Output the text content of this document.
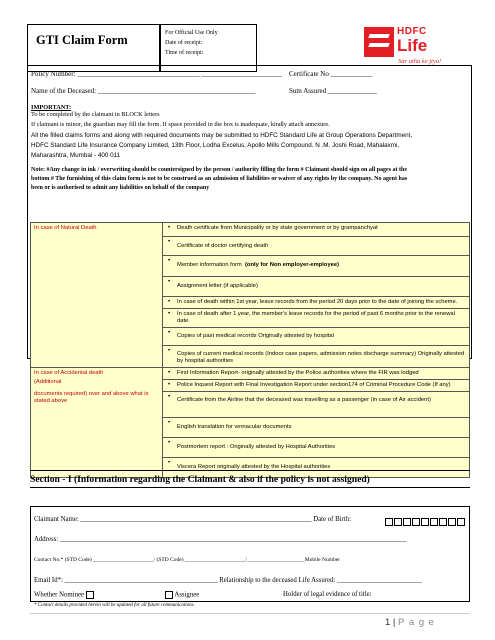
GTI Claim Form	For Official Use Only
Date of receipt:
Time of receipt:
HDFC
Life
Sar utha ke jiyo!
Policy Number: ___________________________________ _______________________ Certificate No ____________
Name of the Deceased: _____________________________________________	Sum Assured ______________
IMPORTANT:
To be completed by the claimant in BLOCK letters
If claimant is minor, the guardian may fill the form. If space provided in the box is inadequate, kindly attach annexure.
All the filled claims forms and along with required documents may be submitted to HDFC Standard Life at Group Operations Department,
HDFC Standard Life Insurance Company Limited, 13th Floor, Lodha Excelus, Apollo Mills Compound. N .M. Joshi Road, Mahalaxmi,
Maharashtra, Mumbai - 400 011
Note: #Any change in ink / overwriting should be countersigned by the person / authority filling the form # Claimant should sign on all pages at the
bottom # The furnishing of this claim form is not to be construed as an admission of liabilities or waiver of any rights by the company. No agent has
been or is authorised to admit any liabilities on behalf of the company
In case of Natural Death	• Death certificate from Municipality or by state government or by grampanchyat
	• Certificate of doctor certifying death
	• Member information form (only for Non employer-employee)
	• Assignment letter (if applicable)
	• In case of death within 1st year, leave records from the period 20 days prior to the date of joining the scheme.
	• In case of death after 1 year, the member's leave records for the period of past 6 months prior to the renewal date.
	• Copies of past medical records Originally attested by hospital
	• Copies of current medical records (Indoor case papers, admission notes discharge summary) Originally attested by hospital authorities

In case of Accidental death
(Additional
documents required) over and above what is stated above	• First Information Report- originally attested by the Police authorities where the FIR was lodged
	• Police Inquest Report with Final Investigation Report under section174 of Criminal Procedure Code (If any)
	• Certificate from the Airline that the deceased was travelling as a passenger (in case of Air accident)
	• English translation for vernacular documents
	• Postmortem report : Originally attested by Hospital Authorities
	• Viscera Report originally attested by the Hospital authorities
Section - I (Information regarding the Claimant & also if the policy is not assigned)
Claimant Name: ____________________________________________________________________ Date of Birth:
Address: ______________________________________________________________________________________________________
Contact No.* (STD Code) ______________________/ (STD Code) ______________________/_____________________Mobile Number
Email Id*: _____________________________________________ Relationship to the deceased Life Assured: _________________________
Whether Nominee	Assignee	Holder of legal evidence of title:
* Contact details provided herein will be updated for all future communications.
1 | P a g e
